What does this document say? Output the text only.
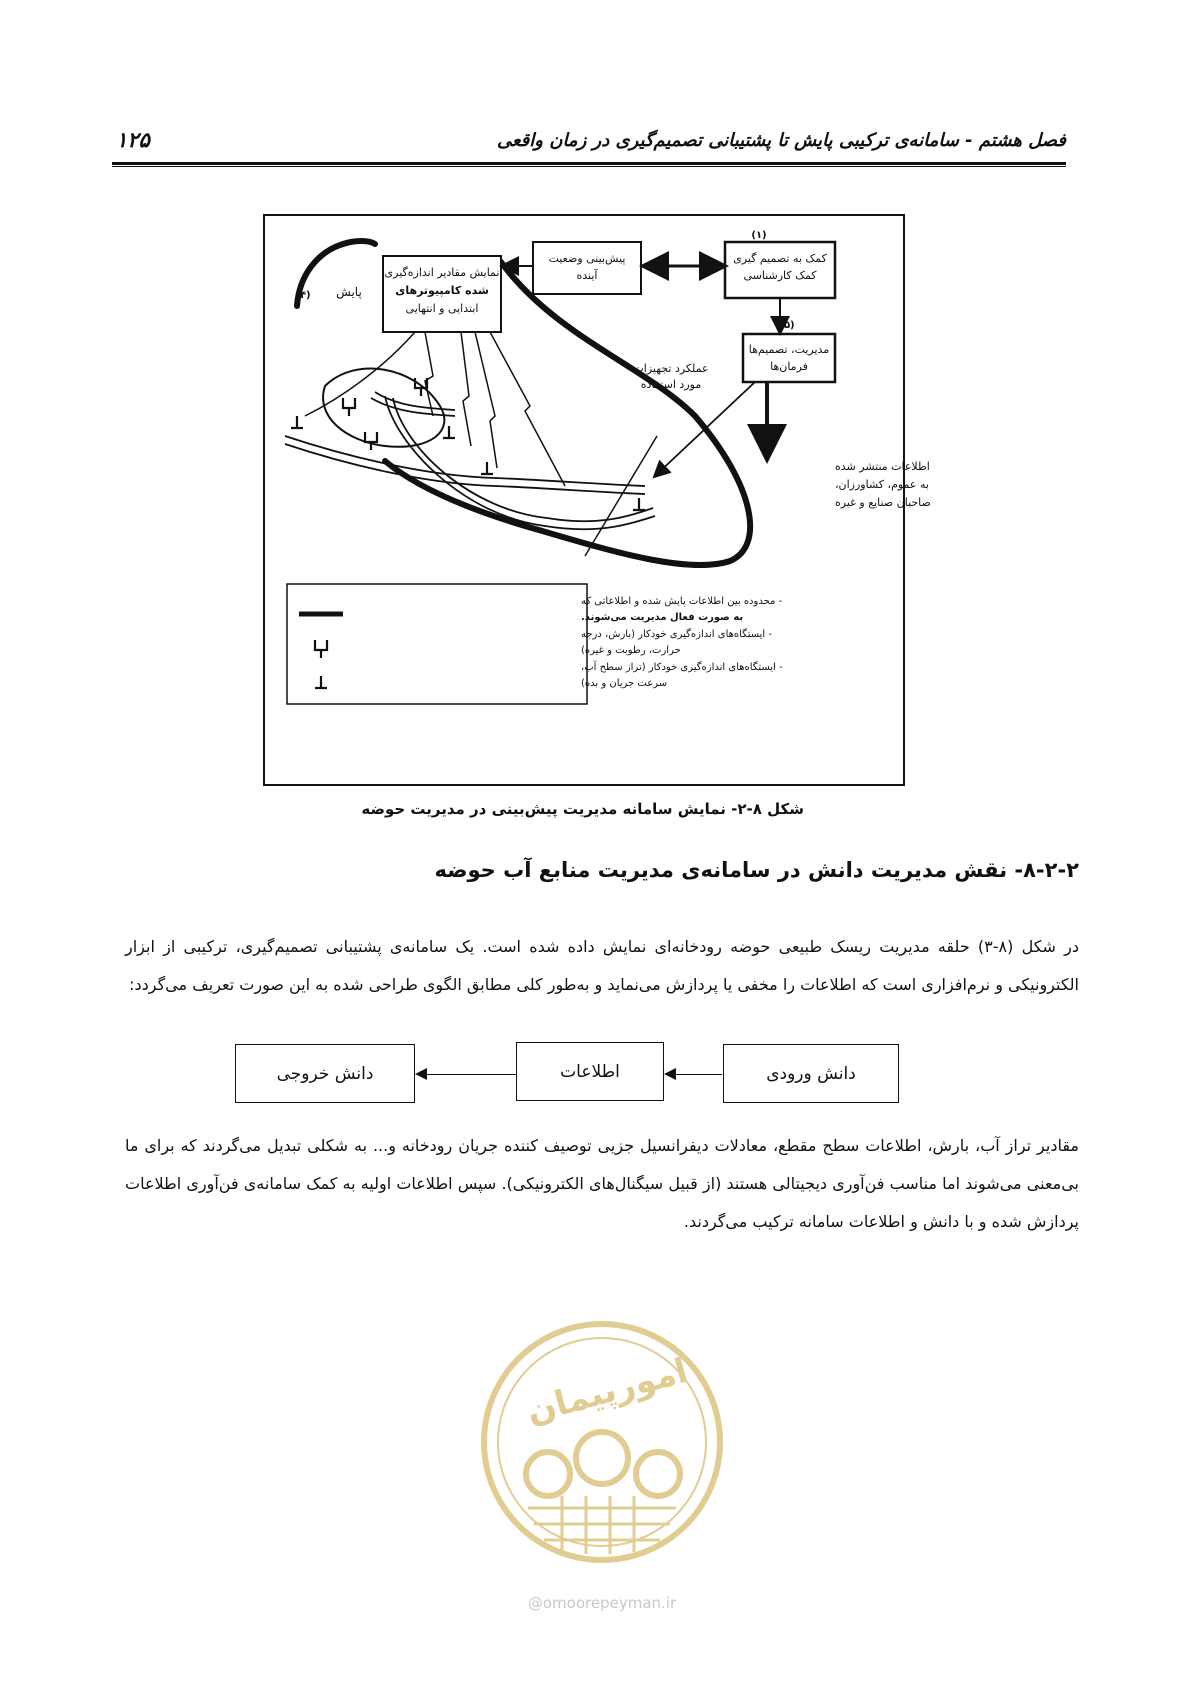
۱۲۵	فصل هشتم - سامانه‌ی ترکیبی پایش تا پشتیبانی تصمیم‌گیری در زمان واقعی
نمایش مقادیر اندازه‌گیری
شده کامپیوترهای
ابتدایی و انتهایی
پیش‌بینی وضعیت
آینده
کمک به تصمیم گیری
کمک کارشناسی
مدیریت، تصمیم‌ها
فرمان‌ها
پایش
(۴)
(۱)
(۵)
عملکرد تجهیزات
مورد استفاده
اطلاعات منتشر شده
به عموم، کشاورزان،
صاحبان صنایع و غیره
- محدوده بین اطلاعات پایش شده و اطلاعاتی که
به صورت فعال مدیریت می‌شوند.
- ایستگاه‌های اندازه‌گیری خودکار (بارش، درجه
حرارت، رطوبت و غیره)
- ایستگاه‌های اندازه‌گیری خودکار (تراز سطح آب،
سرعت جریان و بده)
شکل ۸-۲- نمایش سامانه مدیریت پیش‌بینی در مدیریت حوضه
۸-۲-۲- نقش مدیریت دانش در سامانه‌ی مدیریت منابع آب حوضه

در شکل (۸-۳) حلقه مدیریت ریسک طبیعی حوضه رودخانه‌ای نمایش داده شده است. یک سامانه‌ی پشتیبانی تصمیم‌گیری، ترکیبی از ابزار الکترونیکی و نرم‌افزاری است که اطلاعات را مخفی یا پردازش می‌نماید و به‌طور کلی مطابق الگوی طراحی شده به این صورت تعریف می‌گردد:

دانش ورودی
اطلاعات
دانش خروجی

مقادیر تراز آب، بارش، اطلاعات سطح مقطع، معادلات دیفرانسیل جزیی توصیف کننده جریان رودخانه و... به شکلی تبدیل می‌گردند که برای ما بی‌معنی می‌شوند اما مناسب فن‌آوری دیجیتالی هستند (از قبیل سیگنال‌های الکترونیکی). سپس اطلاعات اولیه به کمک سامانه‌ی فن‌آوری اطلاعات پردازش شده و با دانش و اطلاعات سامانه ترکیب می‌گردند.

امورپیمان
@omoorepeyman.ir
